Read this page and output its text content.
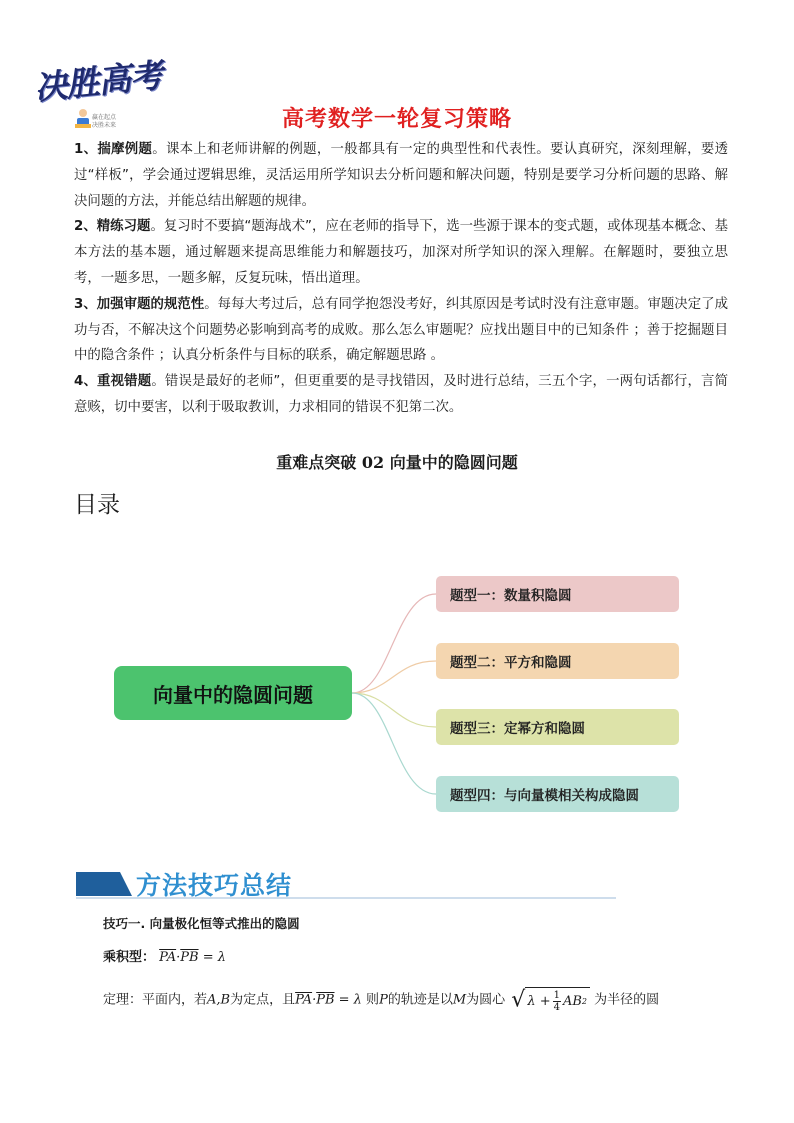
决胜高考
赢在起点
决胜未来	高考数学一轮复习策略

1、揣摩例题。课本上和老师讲解的例题，一般都具有一定的典型性和代表性。要认真研究，深刻理解，要透过“样板”，学会通过逻辑思维，灵活运用所学知识去分析问题和解决问题，特别是要学习分析问题的思路、解决问题的方法，并能总结出解题的规律。

2、精练习题。复习时不要搞“题海战术”，应在老师的指导下，选一些源于课本的变式题，或体现基本概念、基本方法的基本题，通过解题来提高思维能力和解题技巧，加深对所学知识的深入理解。在解题时，要独立思考，一题多思，一题多解，反复玩味，悟出道理。

3、加强审题的规范性。每每大考过后，总有同学抱怨没考好，纠其原因是考试时没有注意审题。审题决定了成功与否，不解决这个问题势必影响到高考的成败。那么怎么审题呢？应找出题目中的已知条件 ；善于挖掘题目中的隐含条件 ；认真分析条件与目标的联系，确定解题思路 。

4、重视错题。错误是最好的老师”，但更重要的是寻找错因，及时进行总结，三五个字，一两句话都行，言简意赅，切中要害，以利于吸取教训，力求相同的错误不犯第二次。

重难点突破 02 向量中的隐圆问题
目录
向量中的隐圆问题
题型一：数量积隐圆
题型二：平方和隐圆
题型三：定幂方和隐圆
题型四：与向量模相关构成隐圆
方法技巧总结
技巧一. 向量极化恒等式推出的隐圆
乘积型： $\overline{PA}\cdot\overline{PB} = \lambda$
定理：平面内，若A,B为定点，且$\overline{PA}\cdot\overline{PB} = \lambda$ 则P的轨迹是以M为圆心 √ $\lambda + \frac{1}{4}$ AB 2 为半径的圆
